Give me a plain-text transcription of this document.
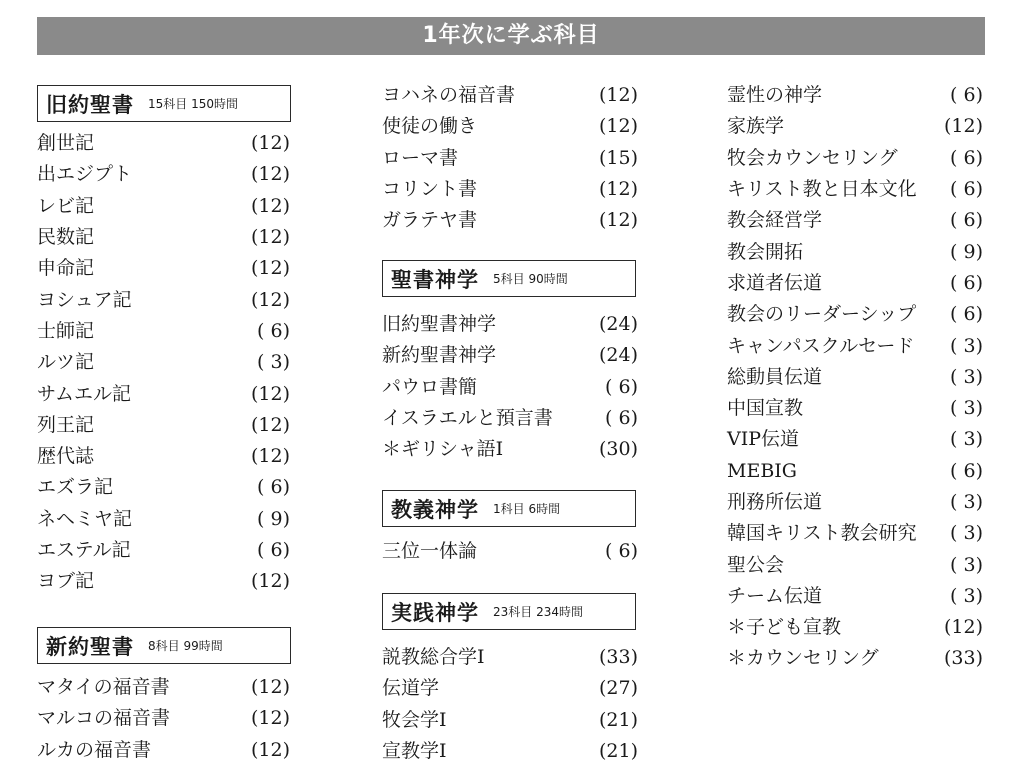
1年次に学ぶ科目
旧約聖書 15科目 150時間
創世記	(12)
出エジプト	(12)
レビ記	(12)
民数記	(12)
申命記	(12)
ヨシュア記	(12)
士師記	( 6)
ルツ記	( 3)
サムエル記	(12)
列王記	(12)
歴代誌	(12)
エズラ記	( 6)
ネヘミヤ記	( 9)
エステル記	( 6)
ヨブ記	(12)
新約聖書 8科目 99時間
マタイの福音書	(12)
マルコの福音書	(12)
ルカの福音書	(12)
ヨハネの福音書	(12)
使徒の働き	(12)
ローマ書	(15)
コリント書	(12)
ガラテヤ書	(12)
聖書神学 5科目 90時間
旧約聖書神学	(24)
新約聖書神学	(24)
パウロ書簡	( 6)
イスラエルと預言書	( 6)
＊ギリシャ語Ⅰ	(30)
教義神学 1科目 6時間
三位一体論	( 6)
実践神学 23科目 234時間
説教総合学Ⅰ	(33)
伝道学	(27)
牧会学Ⅰ	(21)
宣教学Ⅰ	(21)
霊性の神学	( 6)
家族学	(12)
牧会カウンセリング	( 6)
キリスト教と日本文化 ( 6)
教会経営学	( 6)
教会開拓	( 9)
求道者伝道	( 6)
教会のリーダーシップ ( 6)
キャンパスクルセード ( 3)
総動員伝道	( 3)
中国宣教	( 3)
VIP伝道	( 3)
MEBIG	( 6)
刑務所伝道	( 3)
韓国キリスト教会研究 ( 3)
聖公会	( 3)
チーム伝道	( 3)
＊子ども宣教	(12)
＊カウンセリング	(33)
